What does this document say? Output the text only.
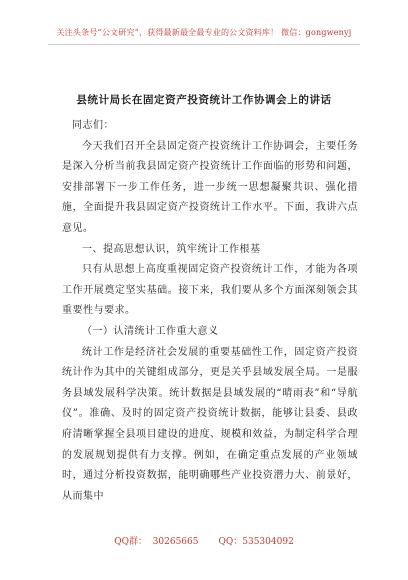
关注头条号“公文研究”，获得最新最全最专业的公文资料库！ 微信：gongwenyj
县统计局长在固定资产投资统计工作协调会上的讲话

同志们：

今天我们召开全县固定资产投资统计工作协调会，主要任务是深入分析当前我县固定资产投资统计工作面临的形势和问题，安排部署下一步工作任务，进一步统一思想凝聚共识、强化措施，全面提升我县固定资产投资统计工作水平。下面，我讲六点意见。

一、提高思想认识，筑牢统计工作根基

只有从思想上高度重视固定资产投资统计工作，才能为各项工作开展奠定坚实基础。接下来，我们要从多个方面深刻领会其重要性与要求。

（一）认清统计工作重大意义

统计工作是经济社会发展的重要基础性工作，固定资产投资统计作为其中的关键组成部分，更是关乎县域发展全局。一是服务县域发展科学决策。统计数据是县域发展的“晴雨表”和“导航仪”。准确、及时的固定资产投资统计数据，能够让县委、县政府清晰掌握全县项目建设的进度、规模和效益，为制定科学合理的发展规划提供有力支撑。例如，在确定重点发展的产业领域时，通过分析投资数据，能明确哪些产业投资潜力大、前景好，从而集中

QQ群：  30265665       QQ：535304092
